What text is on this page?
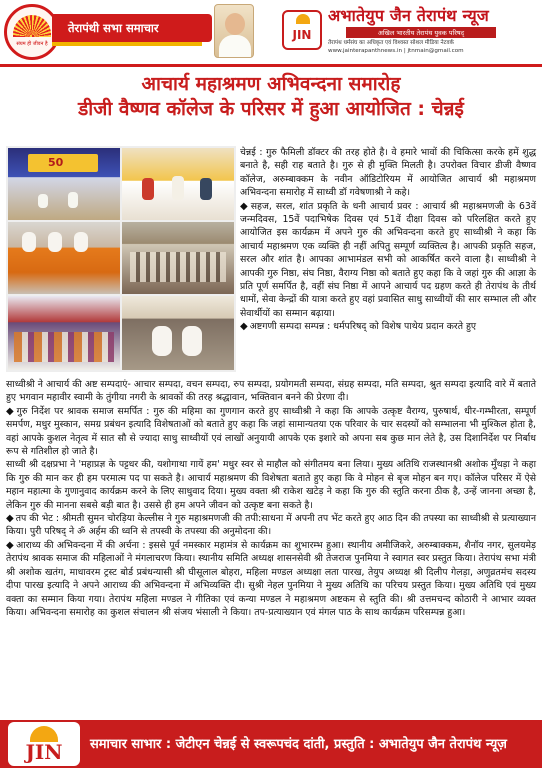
संयम ही जीवन है
तेरापंथी सभा समाचार
JIN
अभातेयुप जैन तेरापंथ न्यूज
अखिल भारतीय तेरापंथ युवक परिषद्
तेरापंथ धर्मसंघ का अधिकृत एवं विश्वस्त सोशल मीडिया नेटवर्क
www.jainterapanthnews.in | jtnmain@gmail.com
आचार्य महाश्रमण अभिवन्दना समारोह
डीजी वैष्णव कॉलेज के परिसर में हुआ आयोजित : चेन्नई
50

चेन्नई : गुरु फैमिली डॉक्टर की तरह होते है। वे हमारे भावों की चिकित्सा करके हमें शुद्ध बनाते है, सही राह बताते है। गुरु से ही मुक्ति मिलती है। उपरोक्त विचार डीजी वैष्णव कॉलेज, अरुम्बाक्कम के नवीन ऑडिटोरियम में आयोजित आचार्य श्री महाश्रमण अभिवन्दना समारोह में साध्वी डॉ गवेषणाश्री ने कहे।

◆ सहज, सरल, शांत प्रकृति के धनी आचार्य प्रवर : आचार्य श्री महाश्रमणजी के 63वें जन्मदिवस, 15वें पदाभिषेक दिवस एवं 51वें दीक्षा दिवस को परिलक्षित करते हुए आयोजित इस कार्यक्रम में अपने गुरु की अभिवन्दना करते हुए साध्वीश्री ने कहा कि आचार्य महाश्रमण एक व्यक्ति ही नहीं अपितु सम्पूर्ण व्यक्तित्व है। आपकी प्रकृति सहज, सरल और शांत है। आपका आभामंडल सभी को आकर्षित करने वाला है। साध्वीश्री ने आपकी गुरु निष्ठा, संघ निष्ठा, वैराग्य निष्ठा को बताते हुए कहा कि वे जहां गुरु की आज्ञा के प्रति पूर्ण समर्पित है, वहीं संघ निष्ठा में आपने आचार्य पद ग्रहण करते ही तेरापंथ के तीर्थ धामों, सेवा केन्द्रों की यात्रा करते हुए वहां प्रवासित साधु साध्वीयों की सार सम्भाल ली और सेवार्थीयों का सम्मान बढ़ाया।

◆ अष्टगणी सम्पदा सम्पन्न : धर्मपरिषद् को विशेष पाथेय प्रदान करते हुए

साध्वीश्री ने आचार्य की अष्ट सम्पदाएं- आचार सम्पदा, वचन सम्पदा, रुप सम्पदा, प्रयोगमती सम्पदा, संग्रह सम्पदा, मति सम्पदा, श्रुत सम्पदा इत्यादि वारे में बताते हुए भगवान महावीर स्वामी के तुंगीया नगरी के श्रावकों की तरह श्रद्धावान, भक्तिवान बनने की प्रेरणा दी।

◆ गुरु निर्देश पर श्रावक समाज समर्पित : गुरु की महिमा का गुणगान करते हुए साध्वीश्री ने कहा कि आपके उत्कृष्ट वैराग्य, पुरुषार्थ, धीर-गम्भीरता, सम्पूर्ण समर्पण, मधुर मुस्कान, समग्र प्रबंधन इत्यादि विशेषताओं को बताते हुए कहा कि जहां सामान्यतया एक परिवार के चार सदस्यों को सम्भालना भी मुश्किल होता है, वहां आपके कुशल नेतृत्व में सात सौ से ज्यादा साधु साध्वीयों एवं लाखों अनुयायी आपके एक इशारे को अपना सब कुछ मान लेते है, उस दिशानिर्देश पर निर्बाध रूप से गतिशील हो जाते है।

साध्वी श्री दक्षप्रभा ने 'महाप्रज्ञ के पट्टधर की, यशोगाथा गायें हम' मधुर स्वर से माहौल को संगीतमय बना लिया। मुख्य अतिथि राजस्थानश्री अशोक मुँथड़ा ने कहा कि गुरु की मान कर ही हम परमात्म पद पा सकते है। आचार्य महाश्रमण की विशेषता बताते हुए कहा कि वे मोहन से बृज मोहन बन गए। कॉलेज परिसर में ऐसे महान महात्मा के गुणानुवाद कार्यक्रम करने के लिए साधुवाद दिया। मुख्य वक्ता श्री राकेश खटेड़ ने कहा कि गुरु की स्तुति करना ठीक है, उन्हें जानना अच्छा है, लेकिन गुरु की मानना सबसे बड़ी बात है। उससे ही हम अपने जीवन को उत्कृष्ट बना सकते है।

◆ तप की भेट : श्रीमती सुमन चोरड़िया केल्लीस ने गुरु महाश्रमणजी की तपी:साधना में अपनी तप भेंट करते हुए आठ दिन की तपस्या का साध्वीश्री से प्रत्याख्यान किया। पुरी परिषद् ने ॐ अर्हम की ध्वनि से तपस्वी के तपस्या की अनुमोदना की।

◆ आराध्य की अभिवन्दना में की अर्चना : इससे पूर्व नमस्कार महामंत्र से कार्यक्रम का शुभारम्भ हुआ। स्थानीय अमीजिकरे, अरुम्बाक्कम, शैनॉय नगर, सुलयमेड़ तेरापंथ श्रावक समाज की महिलाओं ने मंगलाचरण किया। स्थानीय समिति अध्यक्ष शासनसेवी श्री तेजराज पुनमिया ने स्वागत स्वर प्रस्तुत किया। तेरापंथ सभा मंत्री श्री अशोक खतंग, माधावरम ट्रस्ट बोर्ड प्रबंधन्यासी श्री घीसूलाल बोहरा, महिला मण्डल अध्यक्षा लता पारख, तेयुप अध्यक्ष श्री दिलीप गेलड़ा, अणुव्रतमंच सदस्य दीपा पारख इत्यादि ने अपने आराध्य की अभिवन्दना में अभिव्यक्ति दी। सुश्री नेहल पुनमिया ने मुख्य अतिथि का परिचय प्रस्तुत किया। मुख्य अतिथि एवं मुख्य वक्ता का सम्मान किया गया। तेरापंथ महिला मण्डल ने गीतिका एवं कन्या मण्डल ने महाश्रमण अष्टकम से स्तुति की। श्री उत्तमचन्द कोठारी ने आभार व्यक्त किया। अभिवन्दना समारोह का कुशल संचालन श्री संजय भंसाली ने किया। तप-प्रत्याख्यान एवं मंगल पाठ के साथ कार्यक्रम परिसम्पन्न हुआ।

JIN	समाचार साभार : जेटीएन चेन्नई से स्वरूपचंद दांती, प्रस्तुति : अभातेयुप जैन तेरापंथ न्यूज़
